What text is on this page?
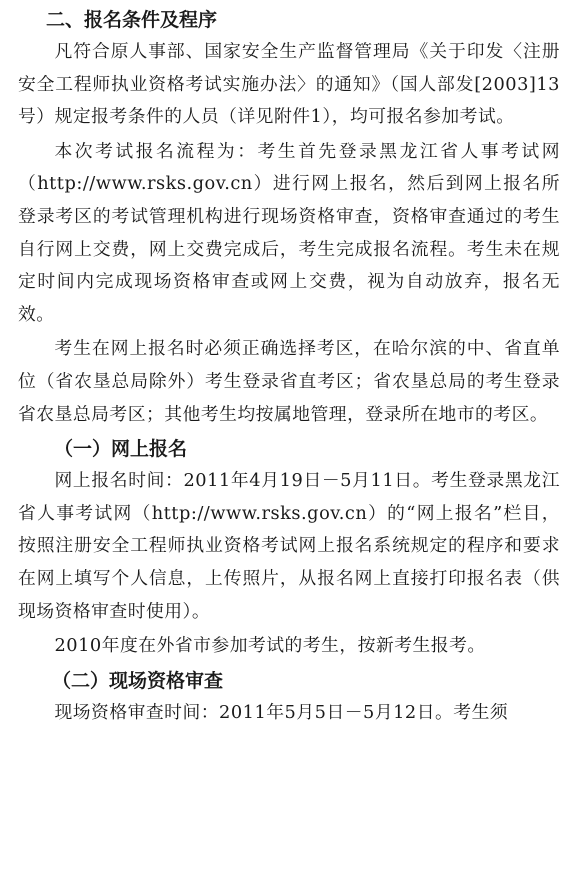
二、报名条件及程序

凡符合原人事部、国家安全生产监督管理局《关于印发〈注册安全工程师执业资格考试实施办法〉的通知》（国人部发[2003]13号）规定报考条件的人员（详见附件1），均可报名参加考试。

本次考试报名流程为：考生首先登录黑龙江省人事考试网（http://www.rsks.gov.cn）进行网上报名，然后到网上报名所登录考区的考试管理机构进行现场资格审查，资格审查通过的考生自行网上交费，网上交费完成后，考生完成报名流程。考生未在规定时间内完成现场资格审查或网上交费，视为自动放弃，报名无效。

考生在网上报名时必须正确选择考区，在哈尔滨的中、省直单位（省农垦总局除外）考生登录省直考区；省农垦总局的考生登录省农垦总局考区；其他考生均按属地管理，登录所在地市的考区。

（一）网上报名

网上报名时间：2011年4月19日－5月11日。考生登录黑龙江省人事考试网（http://www.rsks.gov.cn）的“网上报名”栏目，按照注册安全工程师执业资格考试网上报名系统规定的程序和要求在网上填写个人信息，上传照片，从报名网上直接打印报名表（供现场资格审查时使用）。

2010年度在外省市参加考试的考生，按新考生报考。

（二）现场资格审查

现场资格审查时间：2011年5月5日－5月12日。考生须
